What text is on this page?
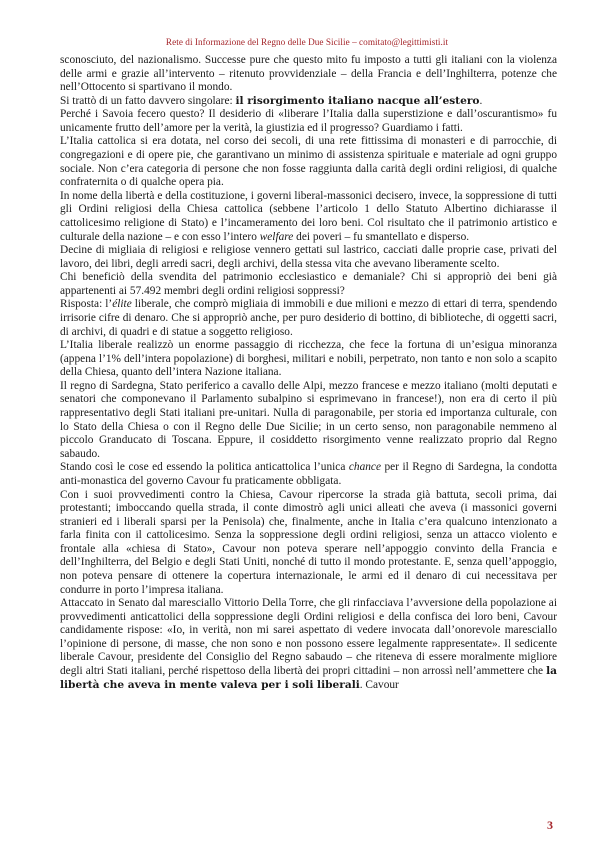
Rete di Informazione del Regno delle Due Sicilie – comitato@legittimisti.it

sconosciuto, del nazionalismo. Successe pure che questo mito fu imposto a tutti gli italiani con la violenza delle armi e grazie all’intervento – ritenuto provvidenziale – della Francia e dell’Inghilterra, potenze che nell’Ottocento si spartivano il mondo.

Si trattò di un fatto davvero singolare: il risorgimento italiano nacque all’estero.

Perché i Savoia fecero questo? Il desiderio di «liberare l’Italia dalla superstizione e dall’oscurantismo» fu unicamente frutto dell’amore per la verità, la giustizia ed il progresso? Guardiamo i fatti.

L’Italia cattolica si era dotata, nel corso dei secoli, di una rete fittissima di monasteri e di parrocchie, di congregazioni e di opere pie, che garantivano un minimo di assistenza spirituale e materiale ad ogni gruppo sociale. Non c’era categoria di persone che non fosse raggiunta dalla carità degli ordini religiosi, di qualche confraternita o di qualche opera pia.

In nome della libertà e della costituzione, i governi liberal-massonici decisero, invece, la soppressione di tutti gli Ordini religiosi della Chiesa cattolica (sebbene l’articolo 1 dello Statuto Albertino dichiarasse il cattolicesimo religione di Stato) e l’incameramento dei loro beni. Col risultato che il patrimonio artistico e culturale della nazione – e con esso l’intero welfare dei poveri – fu smantellato e disperso.

Decine di migliaia di religiosi e religiose vennero gettati sul lastrico, cacciati dalle proprie case, privati del lavoro, dei libri, degli arredi sacri, degli archivi, della stessa vita che avevano liberamente scelto.

Chi beneficiò della svendita del patrimonio ecclesiastico e demaniale? Chi si appropriò dei beni già appartenenti ai 57.492 membri degli ordini religiosi soppressi?

Risposta: l’élite liberale, che comprò migliaia di immobili e due milioni e mezzo di ettari di terra, spendendo irrisorie cifre di denaro. Che si appropriò anche, per puro desiderio di bottino, di biblioteche, di oggetti sacri, di archivi, di quadri e di statue a soggetto religioso.

L’Italia liberale realizzò un enorme passaggio di ricchezza, che fece la fortuna di un’esigua minoranza (appena l’1% dell’intera popolazione) di borghesi, militari e nobili, perpetrato, non tanto e non solo a scapito della Chiesa, quanto dell’intera Nazione italiana.

Il regno di Sardegna, Stato periferico a cavallo delle Alpi, mezzo francese e mezzo italiano (molti deputati e senatori che componevano il Parlamento subalpino si esprimevano in francese!), non era di certo il più rappresentativo degli Stati italiani pre-unitari. Nulla di paragonabile, per storia ed importanza culturale, con lo Stato della Chiesa o con il Regno delle Due Sicilie; in un certo senso, non paragonabile nemmeno al piccolo Granducato di Toscana. Eppure, il cosiddetto risorgimento venne realizzato proprio dal Regno sabaudo.

Stando così le cose ed essendo la politica anticattolica l’unica chance per il Regno di Sardegna, la condotta anti-monastica del governo Cavour fu praticamente obbligata.

Con i suoi provvedimenti contro la Chiesa, Cavour ripercorse la strada già battuta, secoli prima, dai protestanti; imboccando quella strada, il conte dimostrò agli unici alleati che aveva (i massonici governi stranieri ed i liberali sparsi per la Penisola) che, finalmente, anche in Italia c’era qualcuno intenzionato a farla finita con il cattolicesimo. Senza la soppressione degli ordini religiosi, senza un attacco violento e frontale alla «chiesa di Stato», Cavour non poteva sperare nell’appoggio convinto della Francia e dell’Inghilterra, del Belgio e degli Stati Uniti, nonché di tutto il mondo protestante. E, senza quell’appoggio, non poteva pensare di ottenere la copertura internazionale, le armi ed il denaro di cui necessitava per condurre in porto l’impresa italiana.

Attaccato in Senato dal maresciallo Vittorio Della Torre, che gli rinfacciava l’avversione della popolazione ai provvedimenti anticattolici della soppressione degli Ordini religiosi e della confisca dei loro beni, Cavour candidamente rispose: «Io, in verità, non mi sarei aspettato di vedere invocata dall’onorevole maresciallo l’opinione di persone, di masse, che non sono e non possono essere legalmente rappresentate». Il sedicente liberale Cavour, presidente del Consiglio del Regno sabaudo – che riteneva di essere moralmente migliore degli altri Stati italiani, perché rispettoso della libertà dei propri cittadini – non arrossì nell’ammettere che la libertà che aveva in mente valeva per i soli liberali. Cavour

3
